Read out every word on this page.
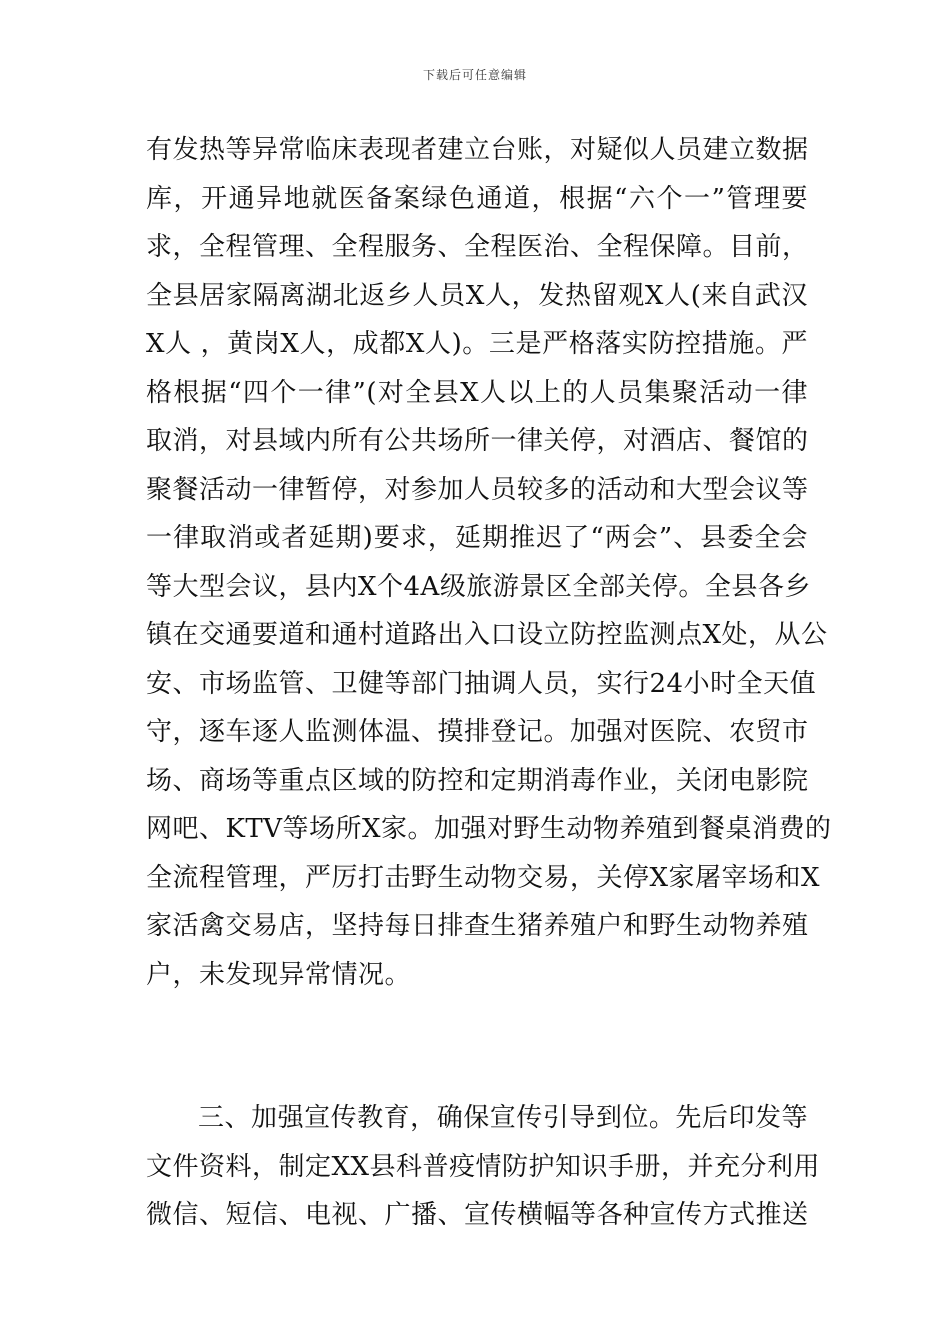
下载后可任意编辑
有发热等异常临床表现者建立台账，对疑似人员建立数据
库，开通异地就医备案绿色通道，根据“六个一”管理要
求，全程管理、全程服务、全程医治、全程保障。目前，
全县居家隔离湖北返乡人员X人，发热留观X人(来自武汉
X人 ，黄岗X人，成都X人)。三是严格落实防控措施。严
格根据“四个一律”(对全县X人以上的人员集聚活动一律
取消，对县域内所有公共场所一律关停，对酒店、餐馆的
聚餐活动一律暂停，对参加人员较多的活动和大型会议等
一律取消或者延期)要求，延期推迟了“两会”、县委全会
等大型会议，县内X个4A级旅游景区全部关停。全县各乡
镇在交通要道和通村道路出入口设立防控监测点X处，从公
安、市场监管、卫健等部门抽调人员，实行24小时全天值
守，逐车逐人监测体温、摸排登记。加强对医院、农贸市
场、商场等重点区域的防控和定期消毒作业，关闭电影院
网吧、KTV等场所X家。加强对野生动物养殖到餐桌消费的
全流程管理，严厉打击野生动物交易，关停X家屠宰场和X
家活禽交易店，坚持每日排查生猪养殖户和野生动物养殖
户，未发现异常情况。
三、加强宣传教育，确保宣传引导到位。先后印发等
文件资料，制定XX县科普疫情防护知识手册，并充分利用
微信、短信、电视、广播、宣传横幅等各种宣传方式推送
